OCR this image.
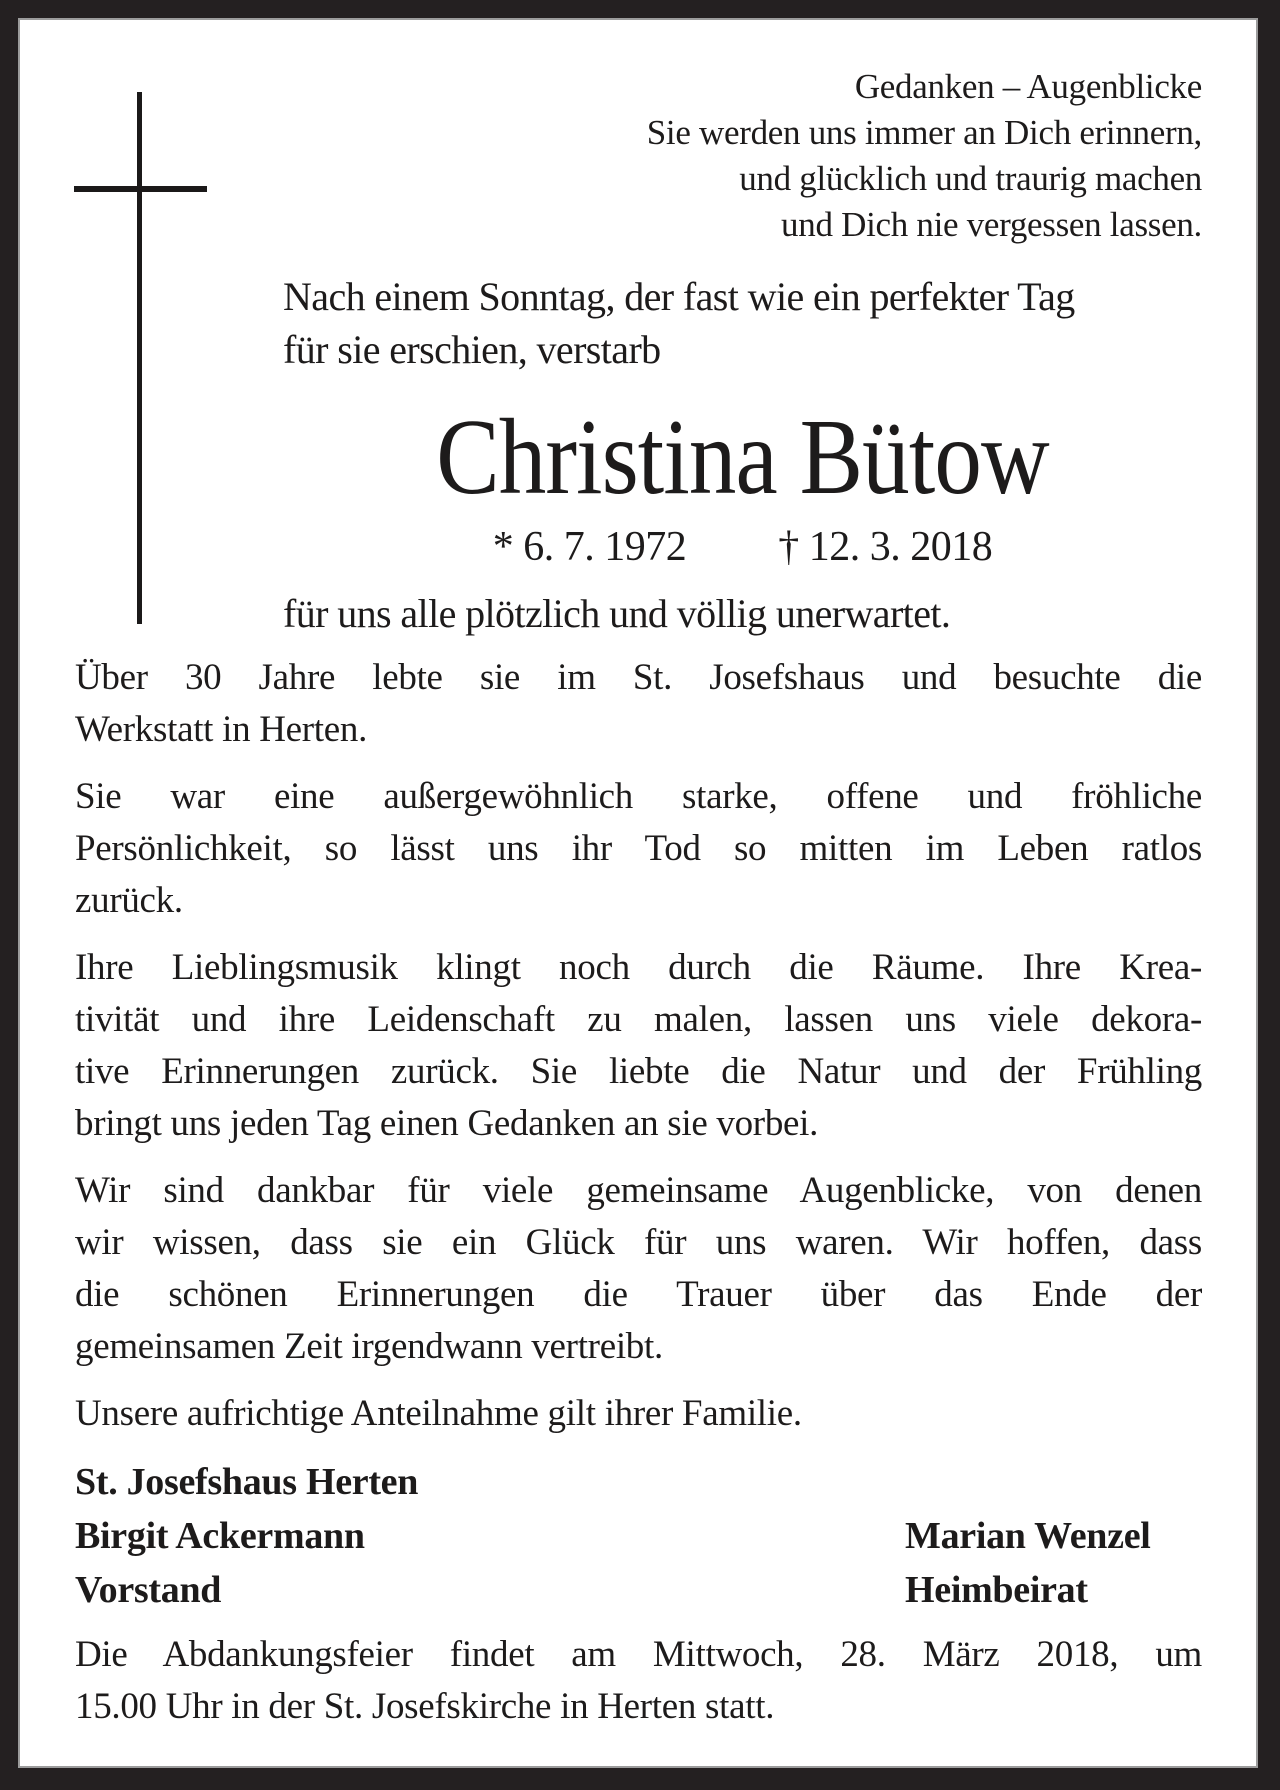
Gedanken – Augenblicke
Sie werden uns immer an Dich erinnern,
und glücklich und traurig machen
und Dich nie vergessen lassen.
Nach einem Sonntag, der fast wie ein perfekter Tag
für sie erschien, verstarb
Christina Bütow
* 6. 7. 1972 † 12. 3. 2018
für uns alle plötzlich und völlig unerwartet.
Über 30 Jahre lebte sie im St. Josefshaus und besuchte die
Werkstatt in Herten.
Sie war eine außergewöhnlich starke, offene und fröhliche
Persönlichkeit, so lässt uns ihr Tod so mitten im Leben ratlos
zurück.
Ihre Lieblingsmusik klingt noch durch die Räume. Ihre Krea-
tivität und ihre Leidenschaft zu malen, lassen uns viele dekora-
tive Erinnerungen zurück. Sie liebte die Natur und der Frühling
bringt uns jeden Tag einen Gedanken an sie vorbei.
Wir sind dankbar für viele gemeinsame Augenblicke, von denen
wir wissen, dass sie ein Glück für uns waren. Wir hoffen, dass
die schönen Erinnerungen die Trauer über das Ende der
gemeinsamen Zeit irgendwann vertreibt.
Unsere aufrichtige Anteilnahme gilt ihrer Familie.
St. Josefshaus Herten
Birgit Ackermann	Marian Wenzel
Vorstand	Heimbeirat
Die Abdankungsfeier findet am Mittwoch, 28. März 2018, um
15.00 Uhr in der St. Josefskirche in Herten statt.
